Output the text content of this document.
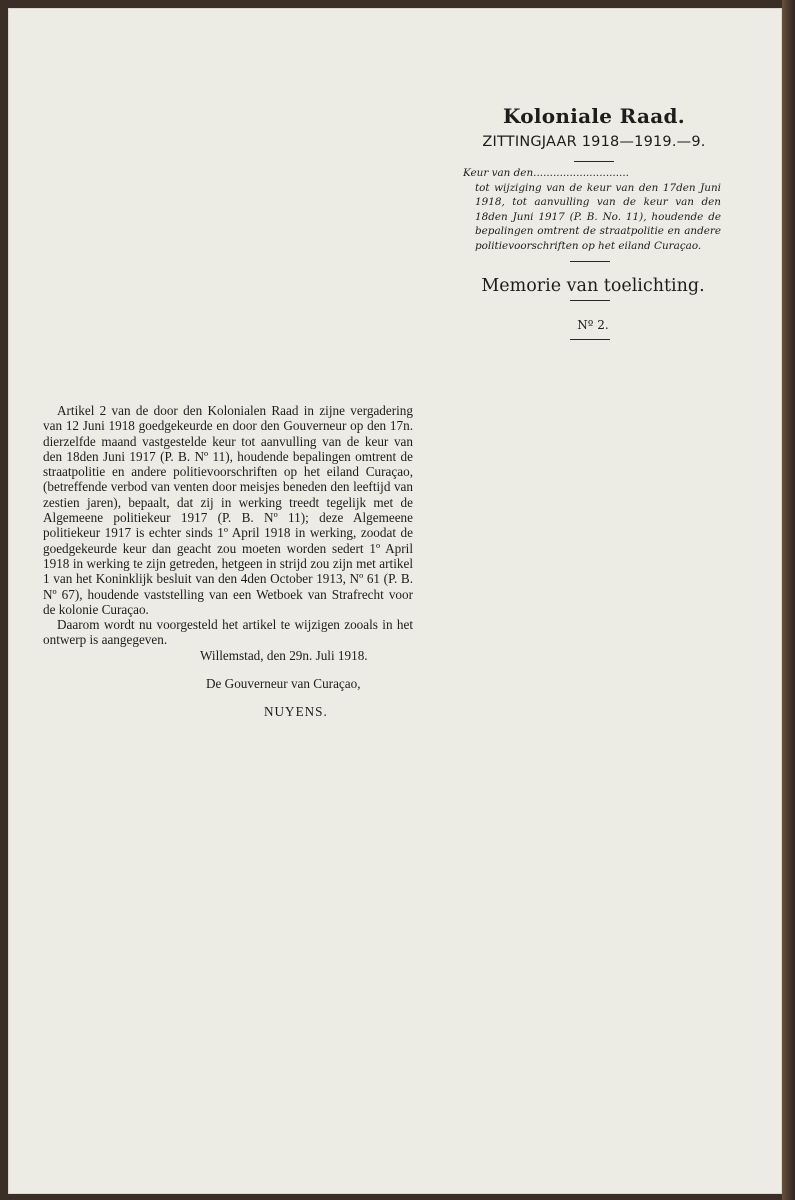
Koloniale Raad.

ZITTINGJAAR 1918—1919.—9.

Keur van den.............................
tot wijziging van de keur van den 17den Juni 1918, tot aanvulling van de keur van den 18den Juni 1917 (P. B. No. 11), houdende de bepalingen omtrent de straatpolitie en andere politievoorschriften op het eiland Curaçao.
Memorie van toelichting.
Nº 2.

Artikel 2 van de door den Kolonialen Raad in zijne vergadering van 12 Juni 1918 goedgekeurde en door den Gouverneur op den 17n. dierzelfde maand vastgestelde keur tot aanvulling van de keur van den 18den Juni 1917 (P. B. Nº 11), houdende bepalingen omtrent de straatpolitie en andere politievoorschriften op het eiland Curaçao, (betreffende verbod van venten door meisjes beneden den leeftijd van zestien jaren), bepaalt, dat zij in werking treedt tegelijk met de Algemeene politiekeur 1917 (P. B. Nº 11); deze Algemeene politiekeur 1917 is echter sinds 1º April 1918 in werking, zoodat de goedgekeurde keur dan geacht zou moeten worden sedert 1º April 1918 in werking te zijn getreden, hetgeen in strijd zou zijn met artikel 1 van het Koninklijk besluit van den 4den October 1913, Nº 61 (P. B. Nº 67), houdende vaststelling van een Wetboek van Strafrecht voor de kolonie Curaçao.

Daarom wordt nu voorgesteld het artikel te wijzigen zooals in het ontwerp is aangegeven.

Willemstad, den 29n. Juli 1918.
De Gouverneur van Curaçao,
NUYENS.
